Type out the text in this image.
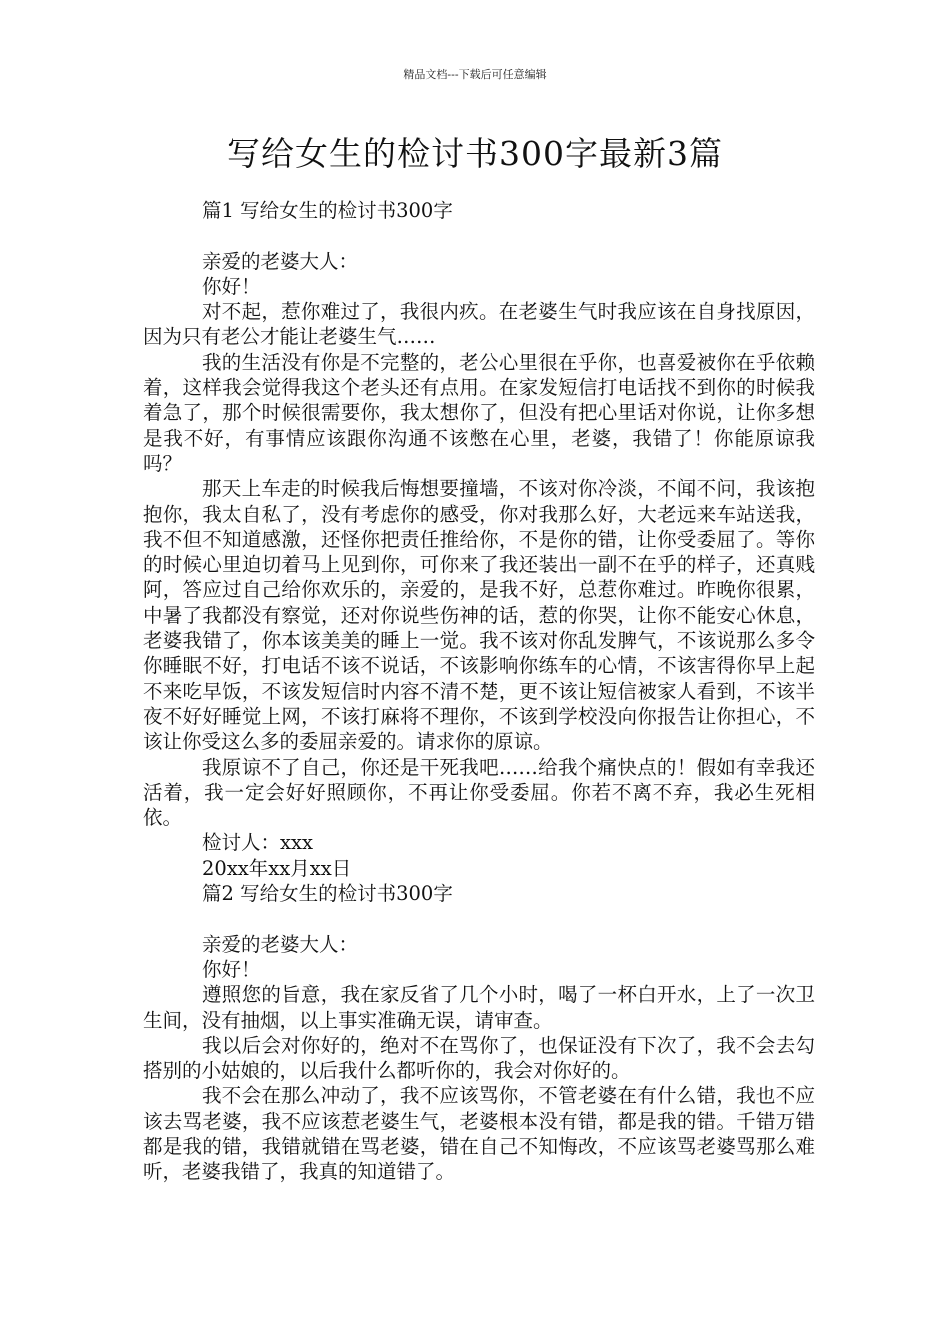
精品文档---下载后可任意编辑
写给女生的检讨书300字最新3篇

篇1 写给女生的检讨书300字

亲爱的老婆大人：

你好！

对不起，惹你难过了，我很内疚。在老婆生气时我应该在自身找原因，因为只有老公才能让老婆生气……

我的生活没有你是不完整的，老公心里很在乎你，也喜爱被你在乎依赖着，这样我会觉得我这个老头还有点用。在家发短信打电话找不到你的时候我着急了，那个时候很需要你，我太想你了，但没有把心里话对你说，让你多想是我不好，有事情应该跟你沟通不该憋在心里，老婆，我错了！你能原谅我吗？

那天上车走的时候我后悔想要撞墙，不该对你冷淡，不闻不问，我该抱抱你，我太自私了，没有考虑你的感受，你对我那么好，大老远来车站送我，我不但不知道感激，还怪你把责任推给你，不是你的错，让你受委屈了。等你的时候心里迫切着马上见到你，可你来了我还装出一副不在乎的样子，还真贱阿，答应过自己给你欢乐的，亲爱的，是我不好，总惹你难过。昨晚你很累，中暑了我都没有察觉，还对你说些伤神的话，惹的你哭，让你不能安心休息，老婆我错了，你本该美美的睡上一觉。我不该对你乱发脾气，不该说那么多令你睡眠不好，打电话不该不说话，不该影响你练车的心情，不该害得你早上起不来吃早饭，不该发短信时内容不清不楚，更不该让短信被家人看到，不该半夜不好好睡觉上网，不该打麻将不理你，不该到学校没向你报告让你担心，不该让你受这么多的委屈亲爱的。请求你的原谅。

我原谅不了自己，你还是干死我吧……给我个痛快点的！假如有幸我还活着，我一定会好好照顾你，不再让你受委屈。你若不离不弃，我必生死相依。

检讨人：xxx

20xx年xx月xx日

篇2 写给女生的检讨书300字

亲爱的老婆大人：

你好！

遵照您的旨意，我在家反省了几个小时，喝了一杯白开水，上了一次卫生间，没有抽烟，以上事实准确无误，请审查。

我以后会对你好的，绝对不在骂你了，也保证没有下次了，我不会去勾搭别的小姑娘的，以后我什么都听你的，我会对你好的。

我不会在那么冲动了，我不应该骂你，不管老婆在有什么错，我也不应该去骂老婆，我不应该惹老婆生气，老婆根本没有错，都是我的错。千错万错都是我的错，我错就错在骂老婆，错在自己不知悔改，不应该骂老婆骂那么难听，老婆我错了，我真的知道错了。
